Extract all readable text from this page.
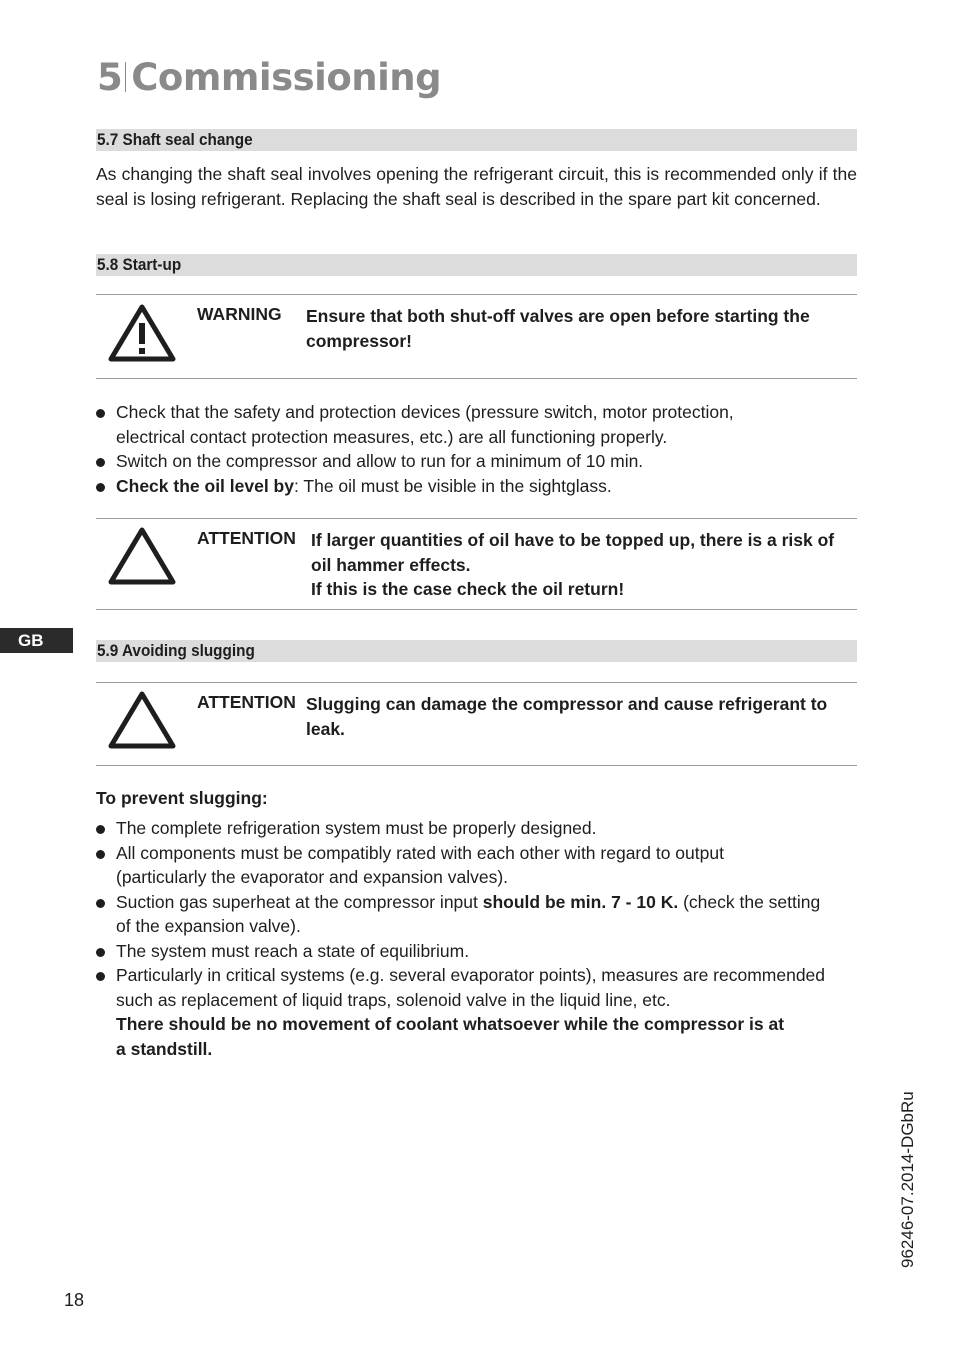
5 Commissioning
5.7 Shaft seal change
As changing the shaft seal involves opening the refrigerant circuit, this is recommended only if the seal is losing refrigerant. Replacing the shaft seal is described in the spare part kit concerned.
5.8 Start-up
WARNING Ensure that both shut-off valves are open before starting the
compressor!
Check that the safety and protection devices (pressure switch, motor protection, electrical contact protection measures, etc.) are all functioning properly.
Switch on the compressor and allow to run for a minimum of 10 min.
Check the oil level by: The oil must be visible in the sightglass.
ATTENTION If larger quantities of oil have to be topped up, there is a risk of
oil hammer effects.
If this is the case check the oil return!
GB
5.9 Avoiding slugging
ATTENTION Slugging can damage the compressor and cause refrigerant to
leak.
To prevent slugging:
The complete refrigeration system must be properly designed.
All components must be compatibly rated with each other with regard to output
(particularly the evaporator and expansion valves).
Suction gas superheat at the compressor input should be min. 7 - 10 K. (check the setting
of the expansion valve).
The system must reach a state of equilibrium.
Particularly in critical systems (e.g. several evaporator points), measures are recommended such as replacement of liquid traps, solenoid valve in the liquid line, etc.
There should be no movement of coolant whatsoever while the compressor is at
a standstill.
18
96246-07.2014-DGbRu
